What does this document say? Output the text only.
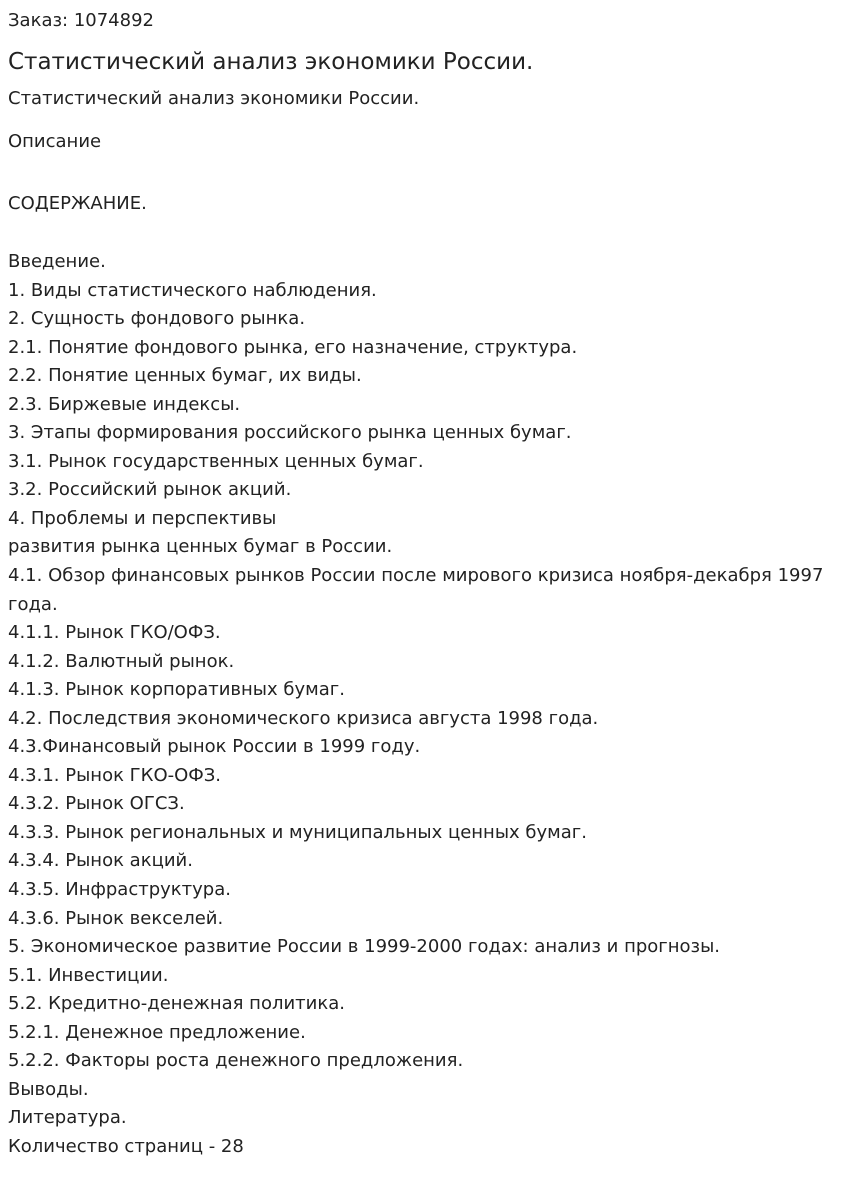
Заказ: 1074892
Статистический анализ экономики России.
Статистический анализ экономики России.
Описание
СОДЕРЖАНИЕ.
Введение.
1. Виды статистического наблюдения.
2. Сущность фондового рынка.
2.1. Понятие фондового рынка, его назначение, структура.
2.2. Понятие ценных бумаг, их виды.
2.3. Биржевые индексы.
3. Этапы формирования российского рынка ценных бумаг.
3.1. Рынок государственных ценных бумаг.
3.2. Российский рынок акций.
4. Проблемы и перспективы
развития рынка ценных бумаг в России.
4.1. Обзор финансовых рынков России после мирового кризиса ноября-декабря 1997 года.
4.1.1. Рынок ГКО/ОФЗ.
4.1.2. Валютный рынок.
4.1.3. Рынок корпоративных бумаг.
4.2. Последствия экономического кризиса августа 1998 года.
4.3.Финансовый рынок России в 1999 году.
4.3.1. Рынок ГКО-ОФЗ.
4.3.2. Рынок ОГСЗ.
4.3.3. Рынок региональных и муниципальных ценных бумаг.
4.3.4. Рынок акций.
4.3.5. Инфраструктура.
4.3.6. Рынок векселей.
5. Экономическое развитие России в 1999-2000 годах: анализ и прогнозы.
5.1. Инвестиции.
5.2. Кредитно-денежная политика.
5.2.1. Денежное предложение.
5.2.2. Факторы роста денежного предложения.
Выводы.
Литература.
Количество страниц - 28
